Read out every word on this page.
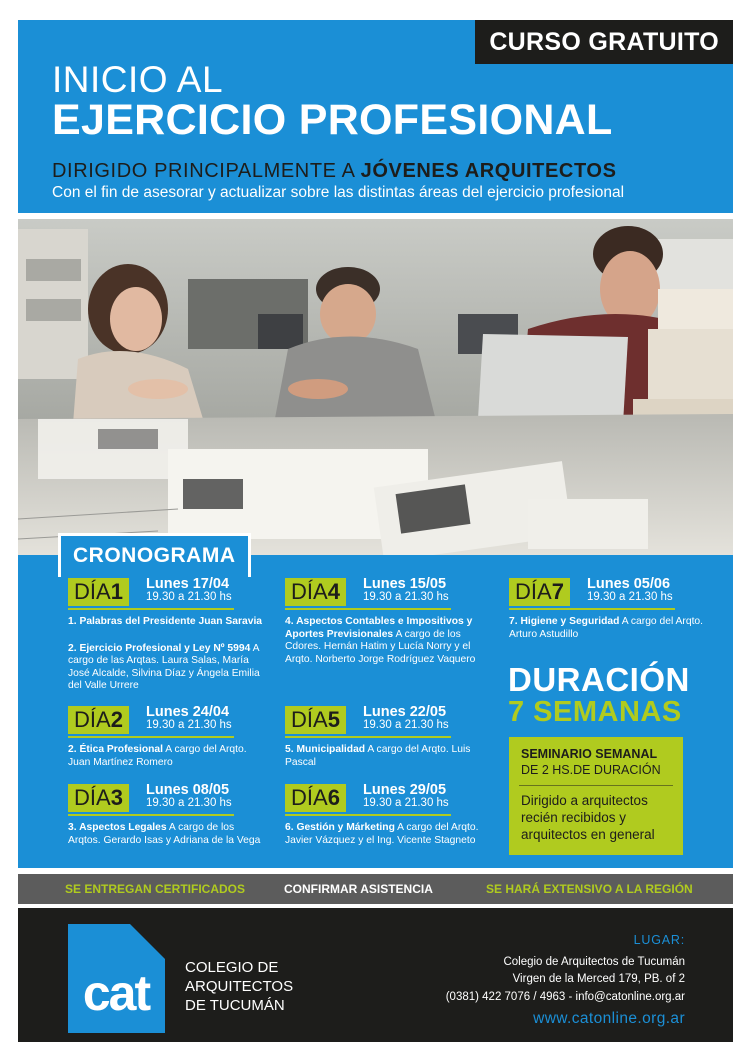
CURSO GRATUITO
INICIO AL
EJERCICIO PROFESIONAL
DIRIGIDO PRINCIPALMENTE A JÓVENES ARQUITECTOS
Con el fin de asesorar y actualizar sobre las distintas áreas del ejercicio profesional
CRONOGRAMA
DÍA1	Lunes 17/04
19.30 a 21.30 hs
1. Palabras del Presidente Juan Saravia
2. Ejercicio Profesional y Ley Nº 5994 A cargo de las Arqtas. Laura Salas, María José Alcalde, Silvina Díaz y Ángela Emilia del Valle Urrere
DÍA2	Lunes 24/04
19.30 a 21.30 hs
2. Ética Profesional A cargo del Arqto. Juan Martínez Romero
DÍA3	Lunes 08/05
19.30 a 21.30 hs
3. Aspectos Legales A cargo de los Arqtos. Gerardo Isas y Adriana de la Vega
DÍA4	Lunes 15/05
19.30 a 21.30 hs
4. Aspectos Contables e Impositivos y Aportes Previsionales A cargo de los Cdores. Hernán Hatim y Lucía Norry y el Arqto. Norberto Jorge Rodríguez Vaquero
DÍA5	Lunes 22/05
19.30 a 21.30 hs
5. Municipalidad A cargo del Arqto. Luis Pascal
DÍA6	Lunes 29/05
19.30 a 21.30 hs
6. Gestión y Márketing A cargo del Arqto. Javier Vázquez y el Ing. Vicente Stagneto
DÍA7	Lunes 05/06
19.30 a 21.30 hs
7. Higiene y Seguridad A cargo del Arqto. Arturo Astudillo
DURACIÓN
7 SEMANAS
SEMINARIO SEMANAL
DE 2 HS.DE DURACIÓN
Dirigido a arquitectos recién recibidos y arquitectos en general
SE ENTREGAN CERTIFICADOS	CONFIRMAR ASISTENCIA	SE HARÁ EXTENSIVO A LA REGIÓN
cat COLEGIO DE
ARQUITECTOS
DE TUCUMÁN
LUGAR:
Colegio de Arquitectos de Tucumán
Virgen de la Merced 179, PB. of 2
(0381) 422 7076 / 4963 - info@catonline.org.ar
www.catonline.org.ar
